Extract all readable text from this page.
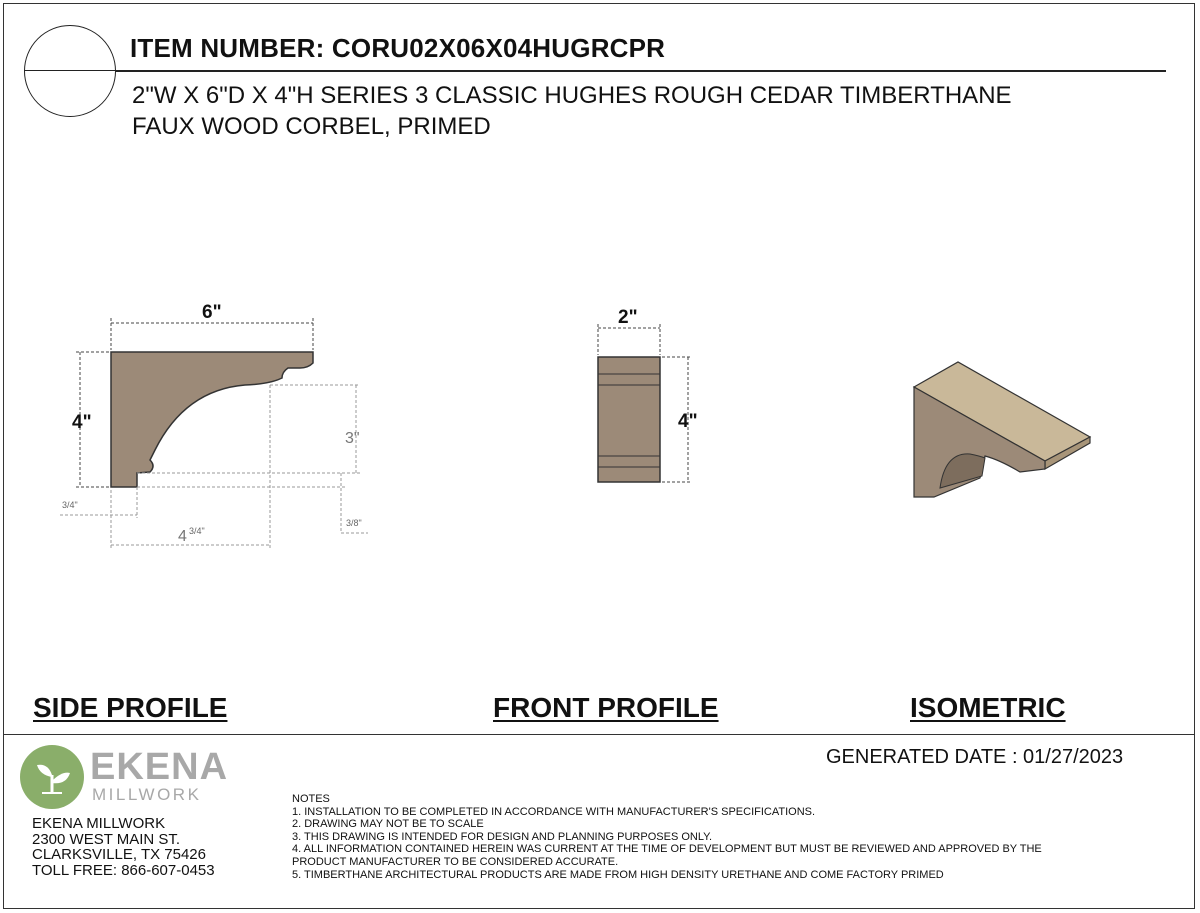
ITEM NUMBER: CORU02X06X04HUGRCPR
2"W X 6"D X 4"H SERIES 3 CLASSIC HUGHES ROUGH CEDAR TIMBERTHANE
FAUX WOOD CORBEL, PRIMED
6"
4"
3"
4 3/4"
3/4"
3/8"
2"
4"
SIDE PROFILE	FRONT PROFILE	ISOMETRIC
GENERATED DATE : 01/27/2023
EKENA
MILLWORK
EKENA MILLWORK
2300 WEST MAIN ST.
CLARKSVILLE, TX 75426
TOLL FREE: 866-607-0453
NOTES
1. INSTALLATION TO BE COMPLETED IN ACCORDANCE WITH MANUFACTURER'S SPECIFICATIONS.
2. DRAWING MAY NOT BE TO SCALE
3. THIS DRAWING IS INTENDED FOR DESIGN AND PLANNING PURPOSES ONLY.
4. ALL INFORMATION CONTAINED HEREIN WAS CURRENT AT THE TIME OF DEVELOPMENT BUT MUST BE REVIEWED AND APPROVED BY THE
PRODUCT MANUFACTURER TO BE CONSIDERED ACCURATE.
5. TIMBERTHANE ARCHITECTURAL PRODUCTS ARE MADE FROM HIGH DENSITY URETHANE AND COME FACTORY PRIMED
